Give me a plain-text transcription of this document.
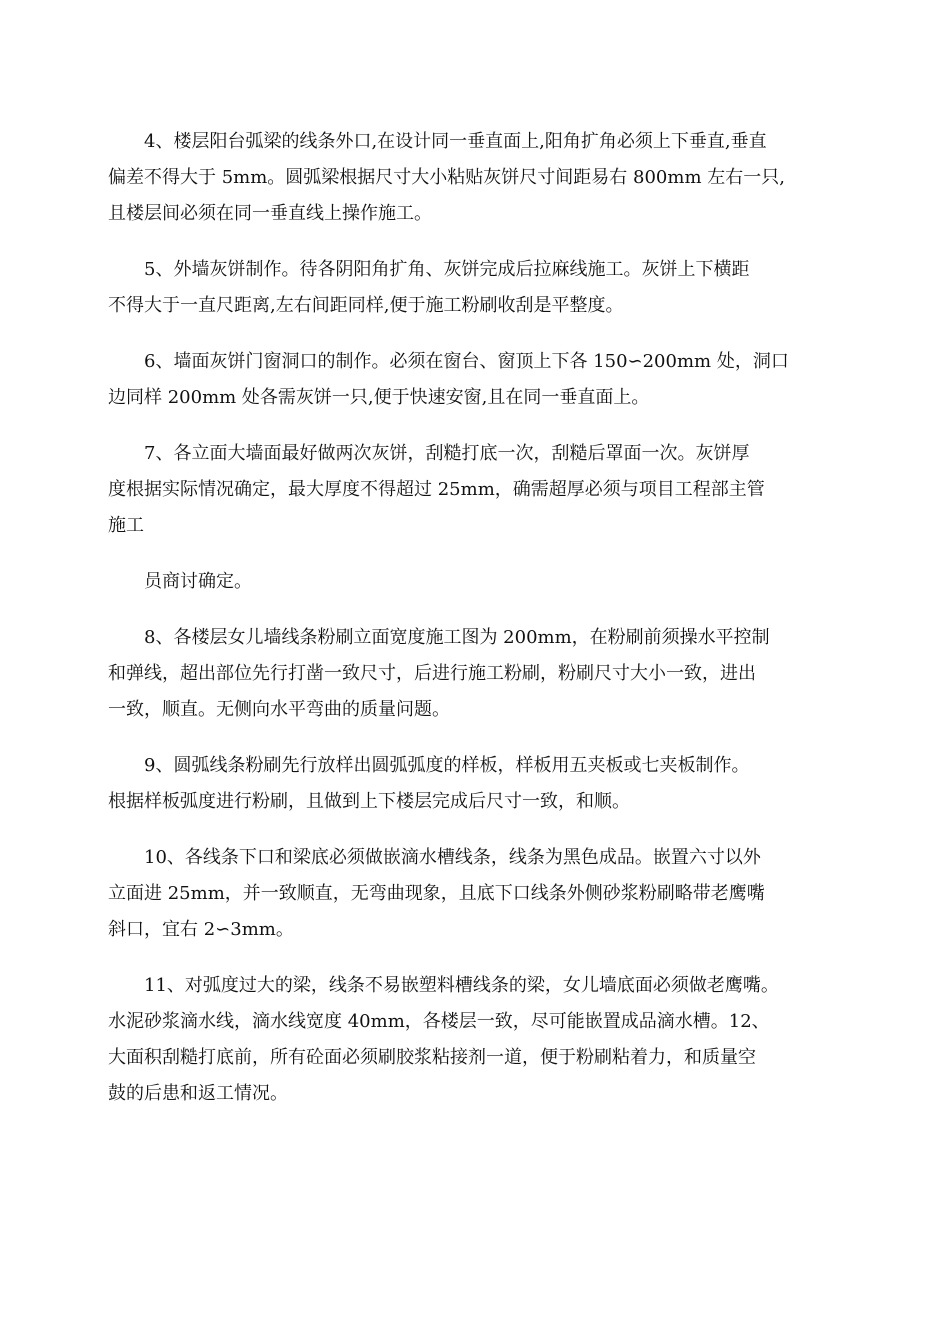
4、楼层阳台弧梁的线条外口,在设计同一垂直面上,阳角扩角必须上下垂直,垂直
偏差不得大于 5mm。圆弧梁根据尺寸大小粘贴灰饼尺寸间距易右 800mm 左右一只,
且楼层间必须在同一垂直线上操作施工。
5、外墙灰饼制作。待各阴阳角扩角、灰饼完成后拉麻线施工。灰饼上下横距
不得大于一直尺距离,左右间距同样,便于施工粉刷收刮是平整度。
6、墙面灰饼门窗洞口的制作。必须在窗台、窗顶上下各 150∽200mm 处，洞口
边同样 200mm 处各需灰饼一只,便于快速安窗,且在同一垂直面上。
7、各立面大墙面最好做两次灰饼，刮糙打底一次，刮糙后罩面一次。灰饼厚
度根据实际情况确定，最大厚度不得超过 25mm，确需超厚必须与项目工程部主管
施工
员商讨确定。
8、各楼层女儿墙线条粉刷立面宽度施工图为 200mm，在粉刷前须操水平控制
和弹线，超出部位先行打凿一致尺寸，后进行施工粉刷，粉刷尺寸大小一致，进出
一致，顺直。无侧向水平弯曲的质量问题。
9、圆弧线条粉刷先行放样出圆弧弧度的样板，样板用五夹板或七夹板制作。
根据样板弧度进行粉刷，且做到上下楼层完成后尺寸一致，和顺。
10、各线条下口和梁底必须做嵌滴水槽线条，线条为黑色成品。嵌置六寸以外
立面进 25mm，并一致顺直，无弯曲现象，且底下口线条外侧砂浆粉刷略带老鹰嘴
斜口，宜右 2∽3mm。
11、对弧度过大的梁，线条不易嵌塑料槽线条的梁，女儿墙底面必须做老鹰嘴。
水泥砂浆滴水线，滴水线宽度 40mm，各楼层一致，尽可能嵌置成品滴水槽。12、
大面积刮糙打底前，所有砼面必须刷胶浆粘接剂一道，便于粉刷粘着力，和质量空
鼓的后患和返工情况。
